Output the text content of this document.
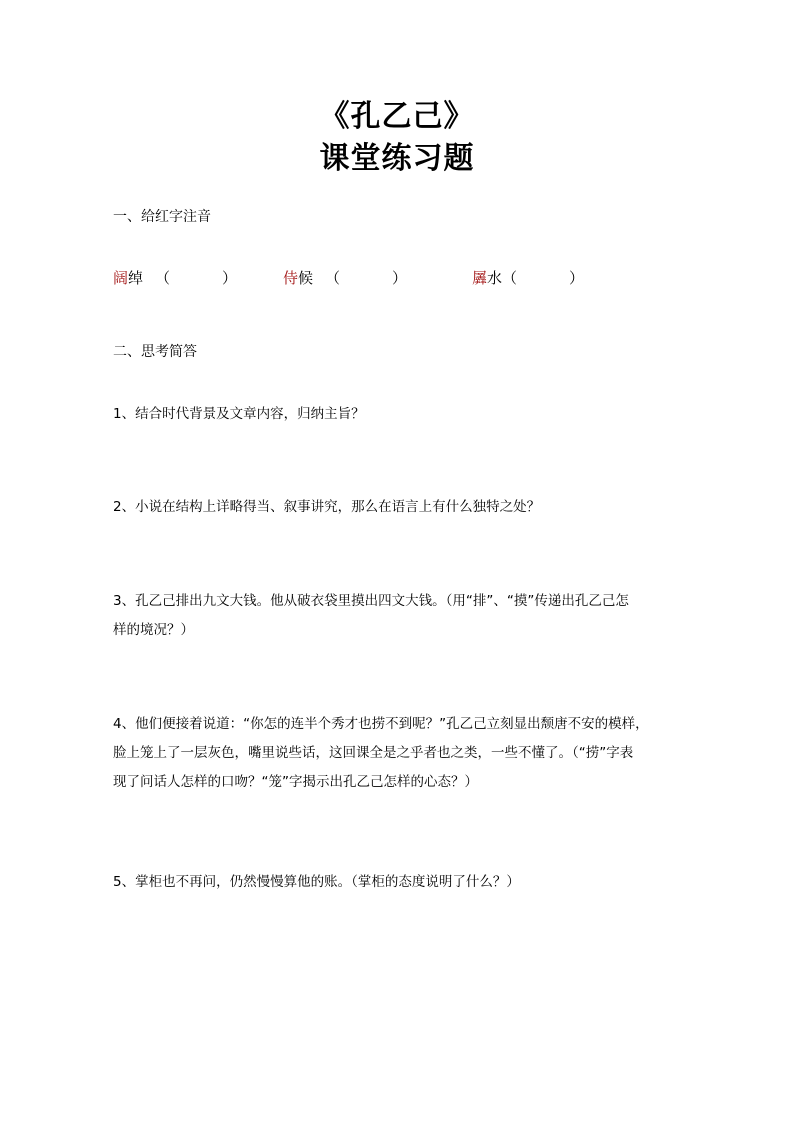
《孔乙己》
课堂练习题
一、给红字注音
阔绰 （	）	侍候 （	）	羼水（	）
二、思考简答
1、结合时代背景及文章内容，归纳主旨？
2、小说在结构上详略得当、叙事讲究，那么在语言上有什么独特之处？
3、孔乙己排出九文大钱。他从破衣袋里摸出四文大钱。（用“排”、“摸”传递出孔乙己怎
样的境况？）
4、他们便接着说道：“你怎的连半个秀才也捞不到呢？”孔乙己立刻显出颓唐不安的模样，
脸上笼上了一层灰色，嘴里说些话，这回课全是之乎者也之类，一些不懂了。（“捞”字表
现了问话人怎样的口吻？“笼”字揭示出孔乙己怎样的心态？）
5、掌柜也不再问，仍然慢慢算他的账。（掌柜的态度说明了什么？）
